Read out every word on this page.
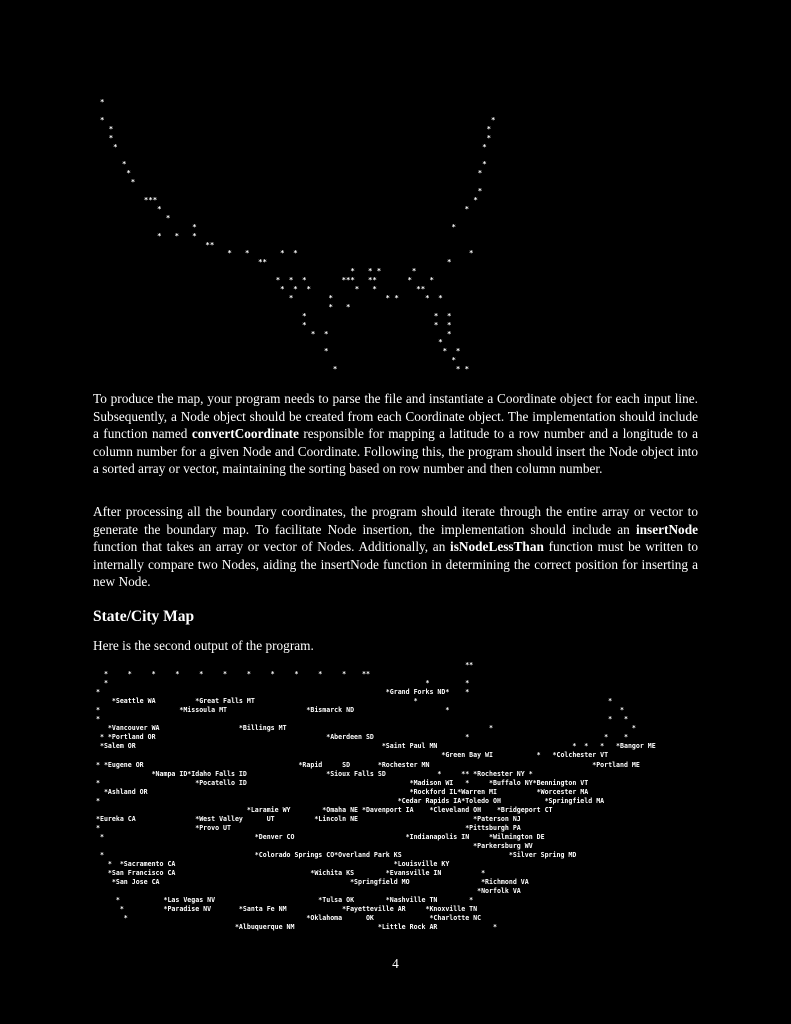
*

*                                                                                        *
*                                                                                     *
*                                                                                     *
*                                                                                   *

*                                                                                 *
*                                                                               *
*
*
***                                                                        *
*                                                                     *
*
*                                                          *
*   *   *
**
*   *       *  *                                       *
**                                         *
*   * *       *
*  *  *        ***   **       *    *
*  *  *          *   *         **
*        *            * *      *  *
*   *
*                             *  *
*                             *  *
*  *                           *
*
*                          *  *
*
*                           * *

To produce the map, your program needs to parse the file and instantiate a Coordinate object for each input line. Subsequently, a Node object should be created from each Coordinate object. The implementation should include a function named convertCoordinate responsible for mapping a latitude to a row number and a longitude to a column number for a given Node and Coordinate. Following this, the program should insert the Node object into a sorted array or vector, maintaining the sorting based on row number and then column number.

After processing all the boundary coordinates, the program should iterate through the entire array or vector to generate the boundary map. To facilitate Node insertion, the implementation should include an insertNode function that takes an array or vector of Nodes. Additionally, an isNodeLessThan function must be written to internally compare two Nodes, aiding the insertNode function in determining the correct position for inserting a new Node.

State/City Map

Here is the second output of the program.

**
*     *     *     *     *     *     *     *     *     *     *    **
*                                                                                *         *
*                                                                        *Grand Forks ND*    *
*Seattle WA          *Great Falls MT                                        *                                                *
*                    *Missoula MT                    *Bismarck ND                       *                                           *
*                                                                                                                                *   *
*Vancouver WA                    *Billings MT                                                   *                                   *
* *Portland OR                                           *Aberdeen SD                       *                                  *    *
*Salem OR                                                              *Saint Paul MN                                  *  *   *   *Bangor ME
*Green Bay WI           *   *Colchester VT
* *Eugene OR                                       *Rapid     SD       *Rochester MN                                         *Portland ME
*Nampa ID*Idaho Falls ID                    *Sioux Falls SD             *     ** *Rochester NY *
*                        *Pocatello ID                                         *Madison WI   *     *Buffalo NY*Bennington VT
*Ashland OR                                                                  *Rockford IL*Warren MI          *Worcester MA
*                                                                           *Cedar Rapids IA*Toledo OH           *Springfield MA
*Laramie WY        *Omaha NE *Davenport IA    *Cleveland OH    *Bridgeport CT
*Eureka CA               *West Valley      UT          *Lincoln NE                             *Paterson NJ
*                        *Provo UT                                                           *Pittsburgh PA
*                                      *Denver CO                            *Indianapolis IN     *Wilmington DE
*Parkersburg WV
*                                      *Colorado Springs CO*Overland Park KS                           *Silver Spring MD
*  *Sacramento CA                                                       *Louisville KY
*San Francisco CA                                  *Wichita KS        *Evansville IN          *
*San Jose CA                                                *Springfield MO                  *Richmond VA
*Norfolk VA
*           *Las Vegas NV                          *Tulsa OK        *Nashville TN        *
*          *Paradise NV       *Santa Fe NM              *Fayetteville AR     *Knoxville TN
*                                             *Oklahoma      OK              *Charlotte NC
*Albuquerque NM                     *Little Rock AR              *

4
